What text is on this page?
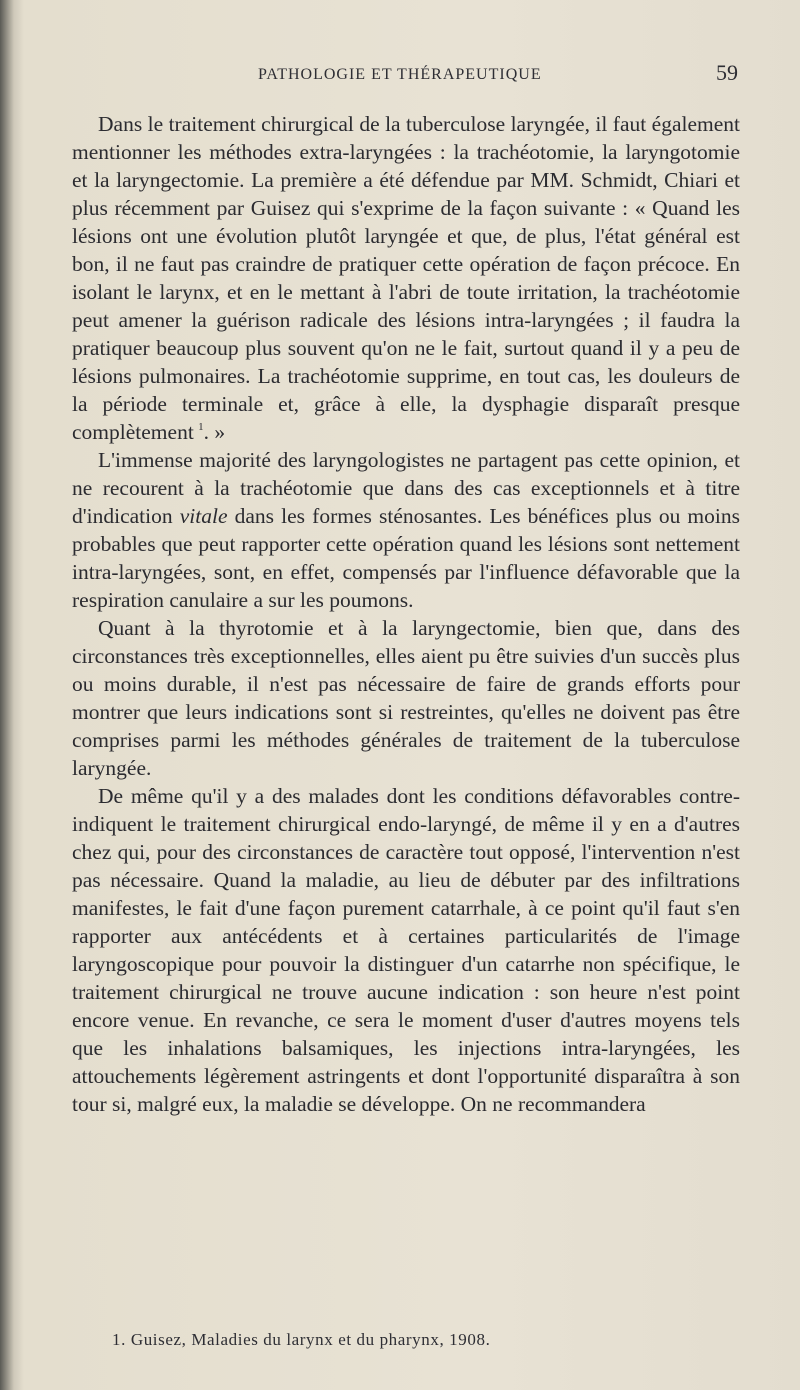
PATHOLOGIE ET THÉRAPEUTIQUE	59

Dans le traitement chirurgical de la tuberculose laryngée, il faut également mentionner les méthodes extra-laryngées : la trachéotomie, la laryngotomie et la laryngectomie. La première a été défendue par MM. Schmidt, Chiari et plus récemment par Guisez qui s'exprime de la façon suivante : « Quand les lésions ont une évolution plutôt laryngée et que, de plus, l'état général est bon, il ne faut pas craindre de pratiquer cette opération de façon précoce. En isolant le larynx, et en le mettant à l'abri de toute irritation, la trachéotomie peut amener la guérison radicale des lésions intra-laryngées ; il faudra la pratiquer beaucoup plus souvent qu'on ne le fait, surtout quand il y a peu de lésions pulmonaires. La trachéotomie supprime, en tout cas, les douleurs de la période terminale et, grâce à elle, la dysphagie disparaît presque complètement  $^1$. »

L'immense majorité des laryngologistes ne partagent pas cette opinion, et ne recourent à la trachéotomie que dans des cas exceptionnels et à titre d'indication vitale dans les formes sténosantes. Les bénéfices plus ou moins probables que peut rapporter cette opération quand les lésions sont nettement intra-laryngées, sont, en effet, compensés par l'influence défavorable que la respiration canulaire a sur les poumons.

Quant à la thyrotomie et à la laryngectomie, bien que, dans des circonstances très exceptionnelles, elles aient pu être suivies d'un succès plus ou moins durable, il n'est pas nécessaire de faire de grands efforts pour montrer que leurs indications sont si restreintes, qu'elles ne doivent pas être comprises parmi les méthodes générales de traitement de la tuberculose laryngée.

De même qu'il y a des malades dont les conditions défavorables contre-indiquent le traitement chirurgical endo-laryngé, de même il y en a d'autres chez qui, pour des circonstances de caractère tout opposé, l'intervention n'est pas nécessaire. Quand la maladie, au lieu de débuter par des infiltrations manifestes, le fait d'une façon purement catarrhale, à ce point qu'il faut s'en rapporter aux antécédents et à certaines particularités de l'image laryngoscopique pour pouvoir la distinguer d'un catarrhe non spécifique, le traitement chirurgical ne trouve aucune indication : son heure n'est point encore venue. En revanche, ce sera le moment d'user d'autres moyens tels que les inhalations balsamiques, les injections intra-laryngées, les attouchements légèrement astringents et dont l'opportunité disparaîtra à son tour si, malgré eux, la maladie se développe. On ne recommandera

1. Guisez, Maladies du larynx et du pharynx, 1908.
